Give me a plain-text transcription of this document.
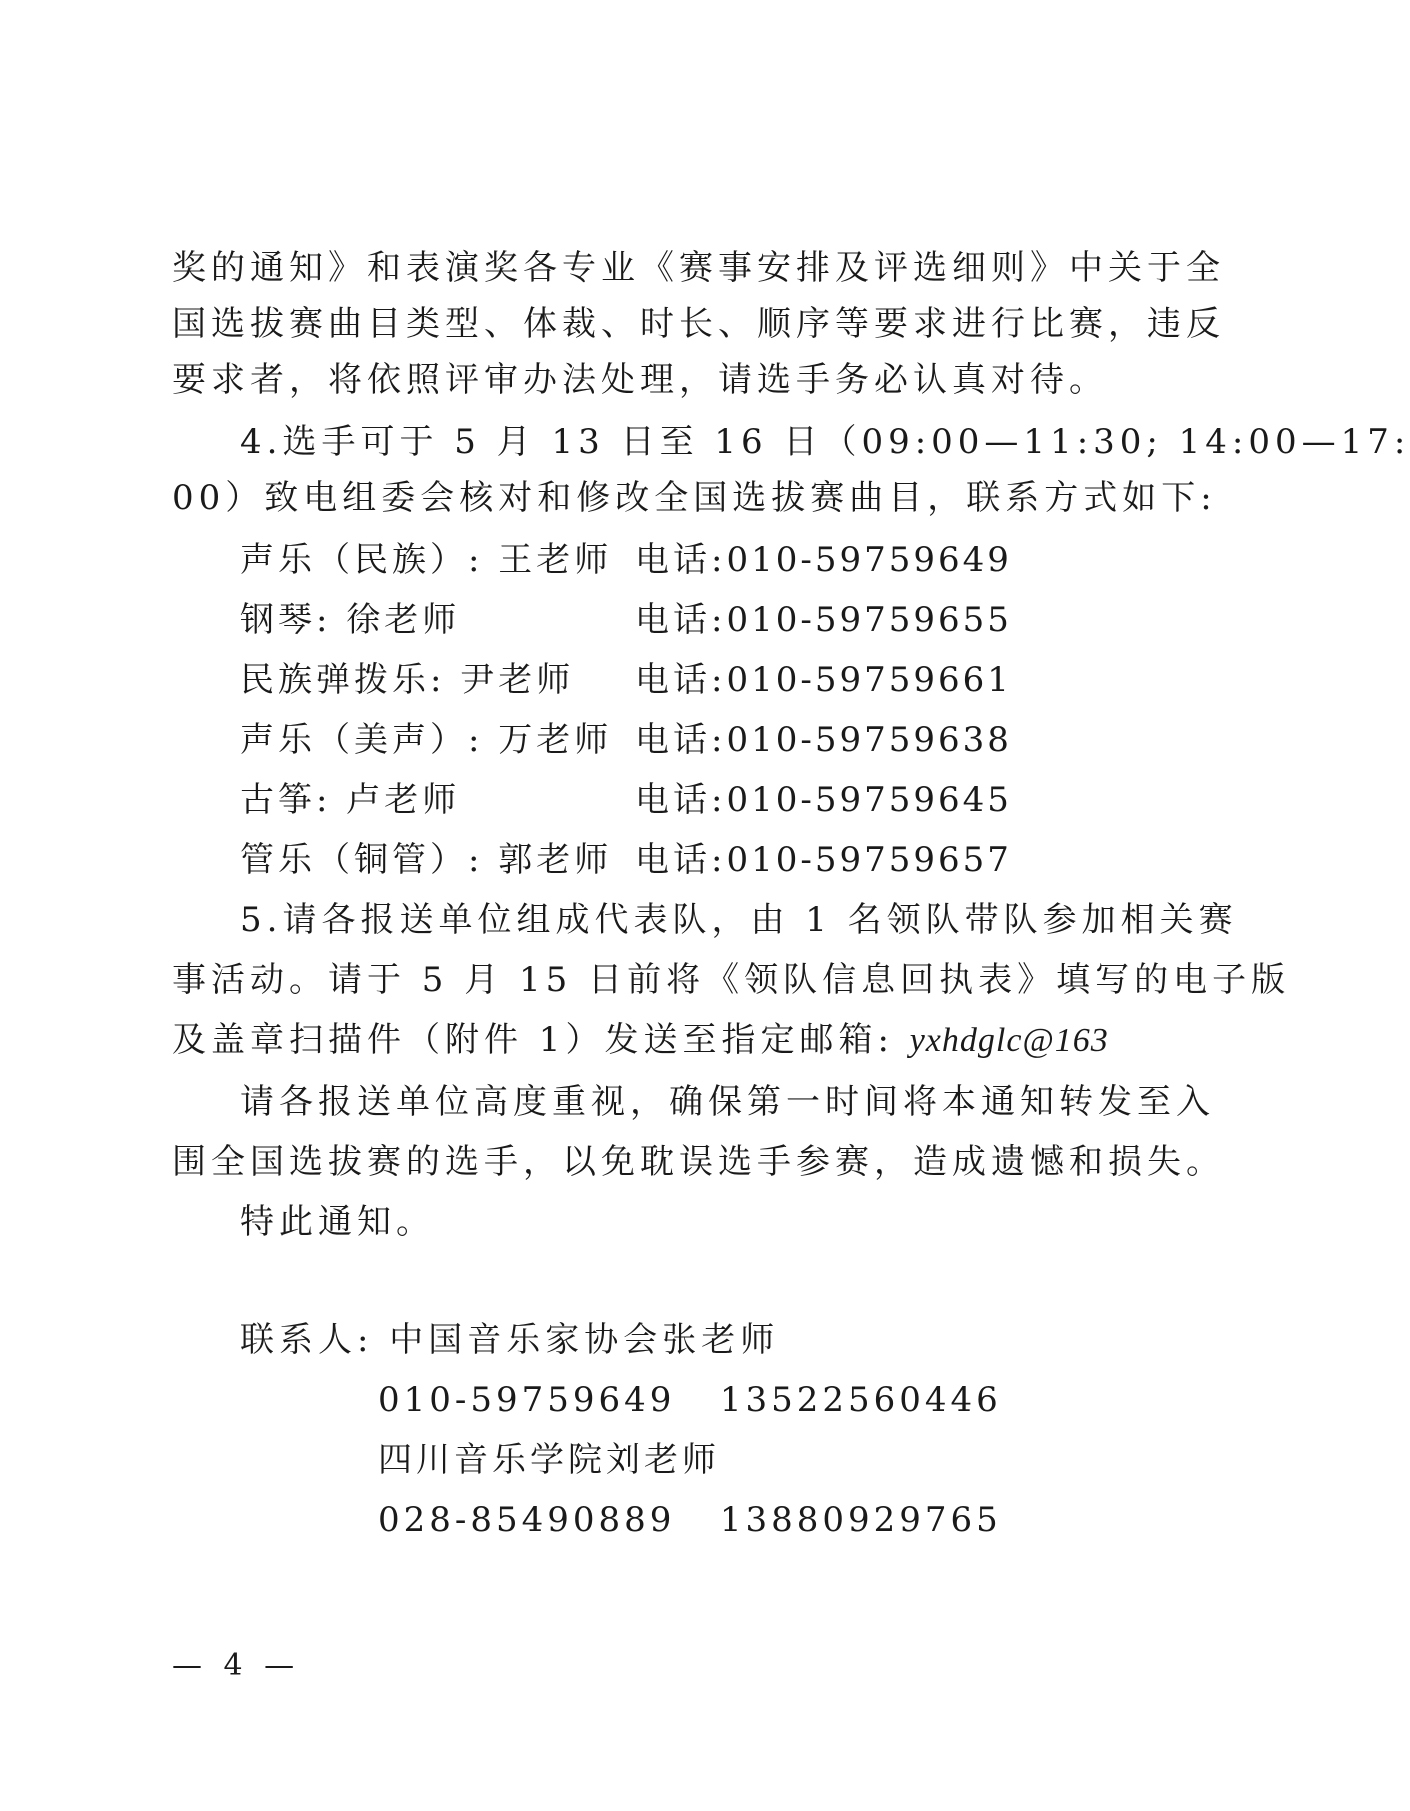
奖的通知》和表演奖各专业《赛事安排及评选细则》中关于全
国选拔赛曲目类型、体裁、时长、顺序等要求进行比赛，违反
要求者，将依照评审办法处理，请选手务必认真对待。
4.选手可于 5 月 13 日至 16 日（09:00—11:30; 14:00—17:
00）致电组委会核对和修改全国选拔赛曲目，联系方式如下:
声乐（民族）: 王老师 电话:010-59759649
钢琴: 徐老师	电话:010-59759655
民族弹拨乐: 尹老师 电话:010-59759661
声乐（美声）: 万老师 电话:010-59759638
古筝: 卢老师	电话:010-59759645
管乐（铜管）: 郭老师 电话:010-59759657
5.请各报送单位组成代表队，由 1 名领队带队参加相关赛
事活动。请于 5 月 15 日前将《领队信息回执表》填写的电子版
及盖章扫描件（附件 1）发送至指定邮箱: yxhdglc@163
请各报送单位高度重视，确保第一时间将本通知转发至入
围全国选拔赛的选手，以免耽误选手参赛，造成遗憾和损失。
特此通知。
联系人: 中国音乐家协会张老师
010-59759649   13522560446
四川音乐学院刘老师
028-85490889   13880929765
— 4 —
